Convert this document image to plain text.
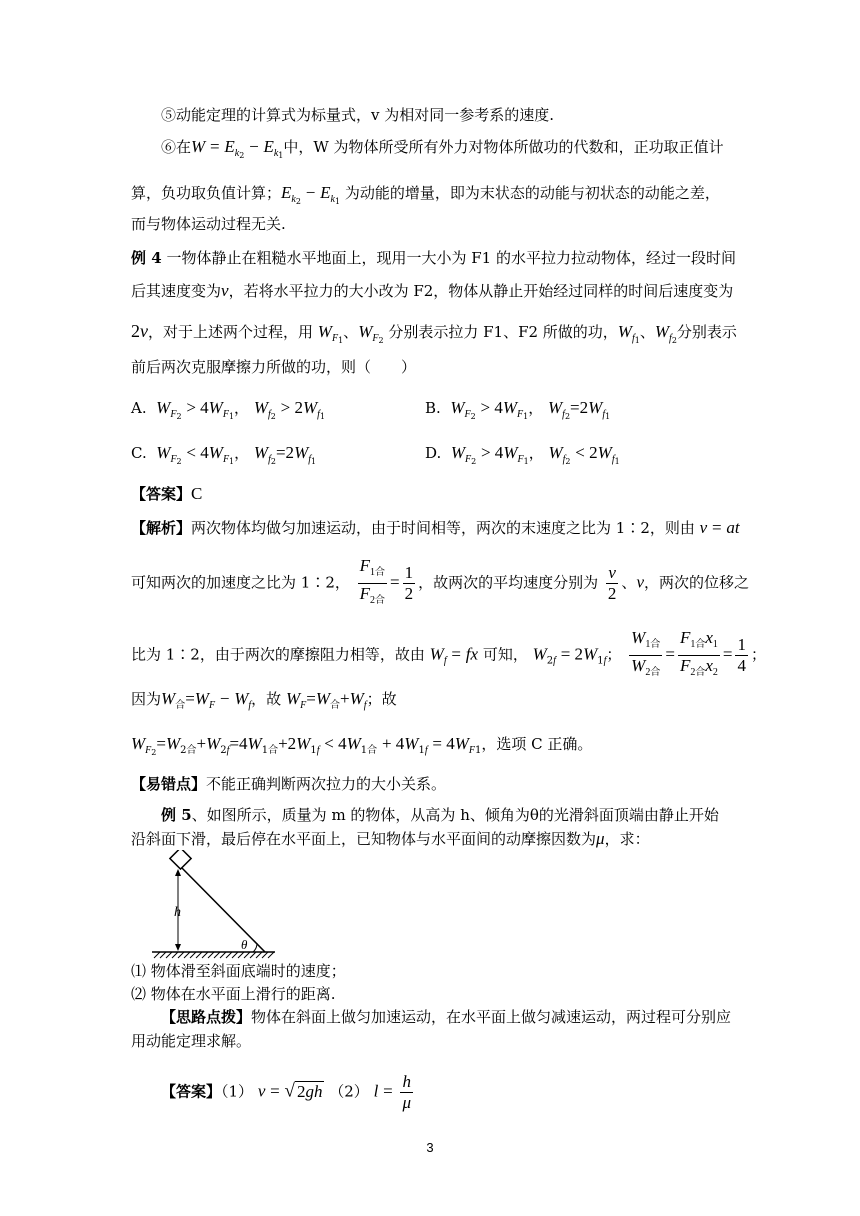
⑤动能定理的计算式为标量式，v 为相对同一参考系的速度.
⑥在$W = E_{k_2} - E_{k_1}$中，W 为物体所受所有外力对物体所做功的代数和，正功取正值计
算，负功取负值计算；$E_{k_2} - E_{k_1}$ 为动能的增量，即为末状态的动能与初状态的动能之差，
而与物体运动过程无关.
例 4 一物体静止在粗糙水平地面上，现用一大小为 F1 的水平拉力拉动物体，经过一段时间
后其速度变为v，若将水平拉力的大小改为 F2，物体从静止开始经过同样的时间后速度变为
2v，对于上述两个过程，用 $W_{F_1}$、$W_{F_2}$ 分别表示拉力 F1、F2 所做的功，$W_{f_1}$、$W_{f_2}$分别表示
前后两次克服摩擦力所做的功，则（　　）
A. $W_{F_2} > 4W_{F_1}$， $W_{f_2} > 2W_{f_1}$	B. $W_{F_2} > 4W_{F_1}$， $W_{f_2}=2W_{f_1}$
C. $W_{F_2} < 4W_{F_1}$， $W_{f_2}=2W_{f_1}$	D. $W_{F_2} > 4W_{F_1}$， $W_{f_2} < 2W_{f_1}$
【答案】C
【解析】两次物体均做匀加速运动，由于时间相等，两次的末速度之比为 1∶2，则由 v = at
可知两次的加速度之比为 1∶2， $\frac{F_{1合}}{F_{2合}} = \frac{1}{2}$ ，故两次的平均速度分别为 $\frac{v}{2}$ 、v，两次的位移之
比为 1∶2，由于两次的摩擦阻力相等，故由 $W_f$ = fx 可知， $W_{2f} = 2W_{1f}$； $\frac{W_{1合}}{W_{2合}} = \frac{F_{1合}x_1}{F_{2合}x_2} = \frac{1}{4}$ ；
因为$W_合=W_F - W_f$，故 $W_F=W_合+W_f$；故
$W_{F_2}=W_{2合}+W_{2f}=4W_{1合}+2W_{1f} < 4W_{1合} + 4W_{1f} = 4W_{F1}$，选项 C 正确。
【易错点】不能正确判断两次拉力的大小关系。
例 5、如图所示，质量为 m 的物体，从高为 h、倾角为θ的光滑斜面顶端由静止开始
沿斜面下滑，最后停在水平面上，已知物体与水平面间的动摩擦因数为μ，求：
h
θ
⑴ 物体滑至斜面底端时的速度；
⑵ 物体在水平面上滑行的距离.
【思路点拨】物体在斜面上做匀加速运动，在水平面上做匀减速运动，两过程可分别应
用动能定理求解。
【答案】（1） v = √ 2gh （2） $l = \frac{h}{\mu}$
3
